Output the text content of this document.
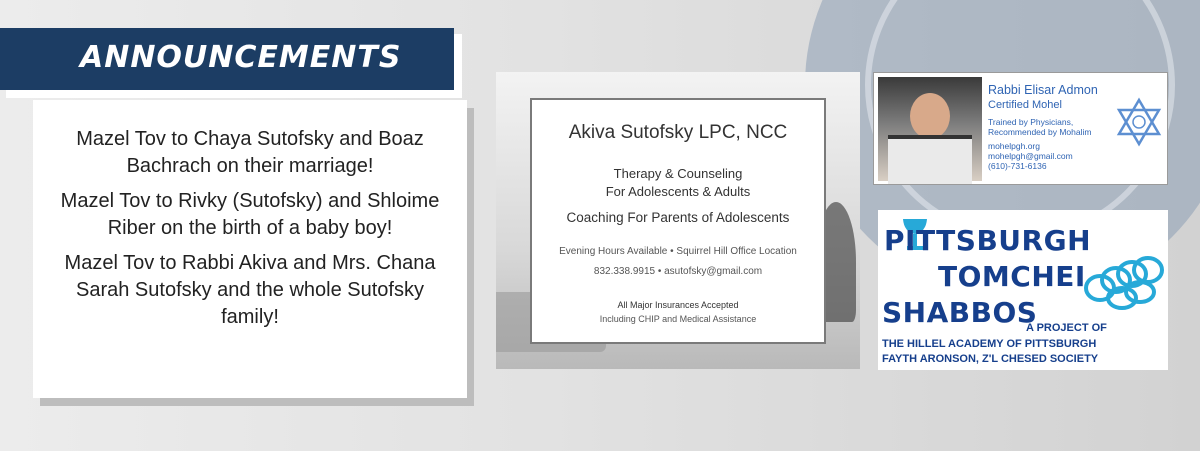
ANNOUNCEMENTS

Mazel Tov to Chaya Sutofsky and Boaz Bachrach on their marriage!

Mazel Tov to Rivky (Sutofsky) and Shloime Riber on the birth of a baby boy!

Mazel Tov to Rabbi Akiva and Mrs. Chana Sarah Sutofsky and the whole Sutofsky family!

Akiva Sutofsky LPC, NCC
Therapy & Counseling
For Adolescents & Adults
Coaching For Parents of Adolescents
Evening Hours Available • Squirrel Hill Office Location
832.338.9915 • asutofsky@gmail.com
All Major Insurances Accepted
Including CHIP and Medical Assistance
Rabbi Elisar Admon
Certified Mohel
Trained by Physicians,
Recommended by Mohalim
mohelpgh.org
mohelpgh@gmail.com
(610)-731-6136
PITTSBURGH
TOMCHEI
SHABBOS
A PROJECT OF
THE HILLEL ACADEMY OF PITTSBURGH
FAYTH ARONSON, Z'L CHESED SOCIETY
